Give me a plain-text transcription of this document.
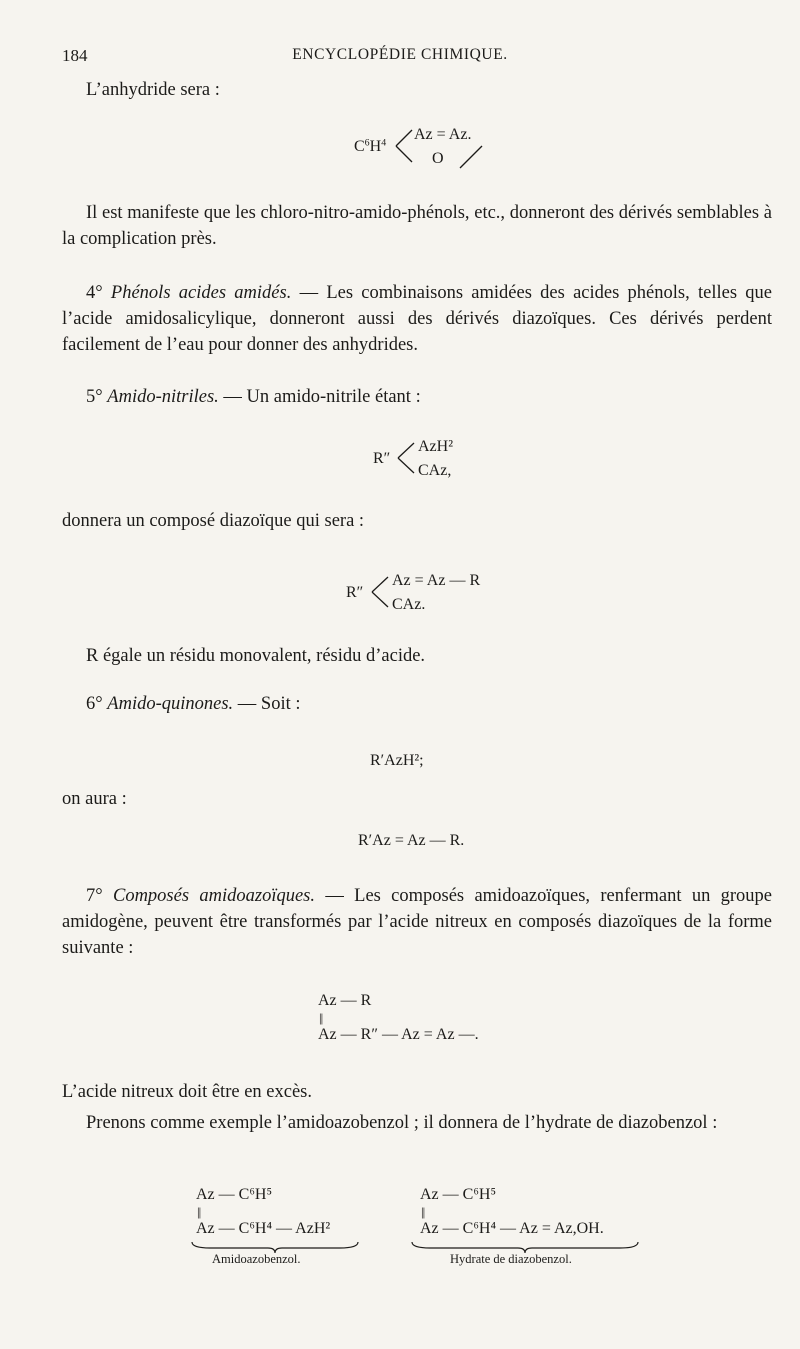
184	ENCYCLOPÉDIE CHIMIQUE.
L’anhydride sera :
$C^6H^4$
Az = Az.
O
Il est manifeste que les chloro-nitro-amido-phénols, etc., donneront des dérivés semblables à la complication près.
4° Phénols acides amidés. — Les combinaisons amidées des acides phénols, telles que l’acide amidosalicylique, donneront aussi des dérivés diazoïques. Ces dérivés perdent facilement de l’eau pour donner des anhydrides.
5° Amido-nitriles. — Un amido-nitrile étant :
R″
AzH²
CAz,
donnera un composé diazoïque qui sera :
R″
Az = Az — R
CAz.
R égale un résidu monovalent, résidu d’acide.
6° Amido-quinones. — Soit :
R′AzH²;
on aura :
R′Az = Az — R.
7° Composés amidoazoïques. — Les composés amidoazoïques, renfermant un groupe amidogène, peuvent être transformés par l’acide nitreux en composés diazoïques de la forme suivante :
Az — R
||
Az — R″ — Az = Az —.
L’acide nitreux doit être en excès.
Prenons comme exemple l’amidoazobenzol ; il donnera de l’hydrate de diazobenzol :
Az — C⁶H⁵
||
Az — C⁶H⁴ — AzH²
Amidoazobenzol.
Az — C⁶H⁵
||
Az — C⁶H⁴ — Az = Az,OH.
Hydrate de diazobenzol.
